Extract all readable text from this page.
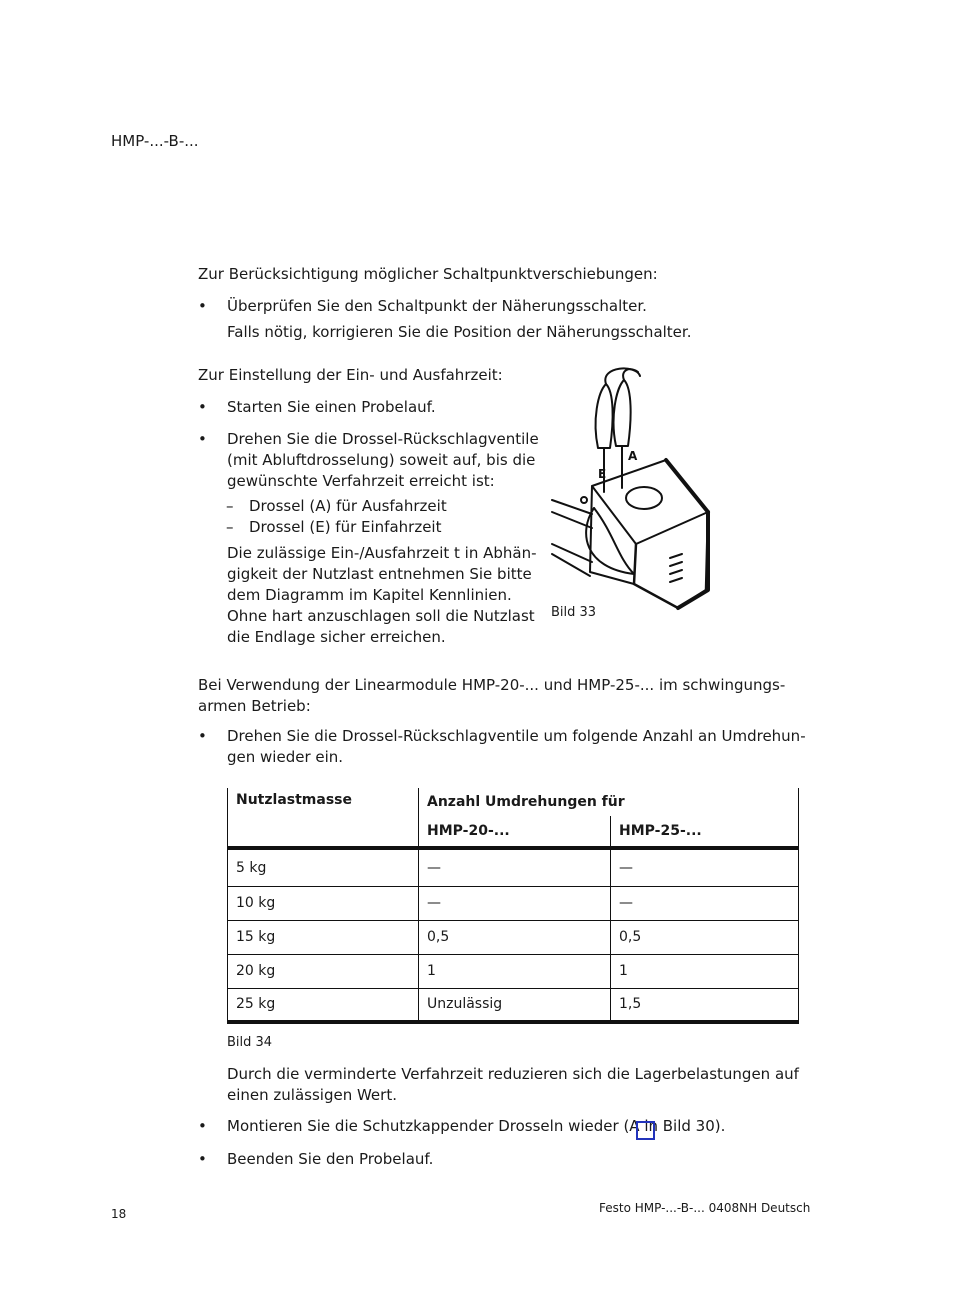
HMP-...-B-...
Zur Berücksichtigung möglicher Schaltpunktverschiebungen:
• Überprüfen Sie den Schaltpunkt der Näherungsschalter.
Falls nötig, korrigieren Sie die Position der Näherungsschalter.
Zur Einstellung der Ein- und Ausfahrzeit:
• Starten Sie einen Probelauf.
• Drehen Sie die Drossel-Rückschlagventile
(mit Abluftdrosselung) soweit auf, bis die
gewünschte Verfahrzeit erreicht ist:
– Drossel (A) für Ausfahrzeit
– Drossel (E) für Einfahrzeit
Die zulässige Ein-/Ausfahrzeit t in Abhän-
gigkeit der Nutzlast entnehmen Sie bitte
dem Diagramm im Kapitel Kennlinien.
Ohne hart anzuschlagen soll die Nutzlast
die Endlage sicher erreichen.
E
A
Bild 33
Bei Verwendung der Linearmodule HMP-20-... und HMP-25-... im schwingungs-
armen Betrieb:
• Drehen Sie die Drossel-Rückschlagventile um folgende Anzahl an Umdrehun-
gen wieder ein.
Nutzlastmasse	Anzahl Umdrehungen für	
	HMP-20-...	HMP-25-...
5 kg	—	—
10 kg	—	—
15 kg	0,5	0,5
20 kg	1	1
25 kg	Unzulässig	1,5
Bild 34
Durch die verminderte Verfahrzeit reduzieren sich die Lagerbelastungen auf
einen zulässigen Wert.
• Montieren Sie die Schutzkappender Drosseln wieder (A in Bild 30).
• Beenden Sie den Probelauf.
18	Festo HMP-...-B-... 0408NH Deutsch
